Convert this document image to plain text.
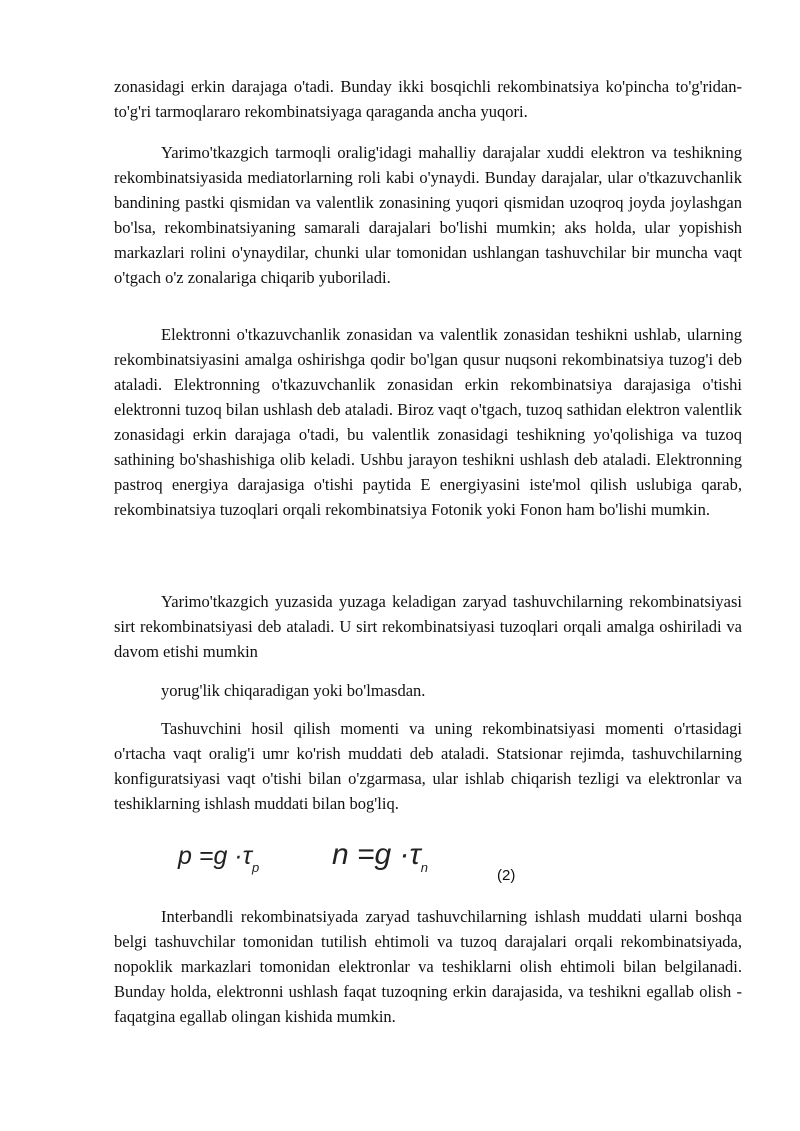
zonasidagi erkin darajaga o'tadi. Bunday ikki bosqichli rekombinatsiya ko'pincha to'g'ridan-to'g'ri tarmoqlararo rekombinatsiyaga qaraganda ancha yuqori.

Yarimo'tkazgich tarmoqli oralig'idagi mahalliy darajalar xuddi elektron va teshikning rekombinatsiyasida mediatorlarning roli kabi o'ynaydi. Bunday darajalar, ular o'tkazuvchanlik bandining pastki qismidan va valentlik zonasining yuqori qismidan uzoqroq joyda joylashgan bo'lsa, rekombinatsiyaning samarali darajalari bo'lishi mumkin; aks holda, ular yopishish markazlari rolini o'ynaydilar, chunki ular tomonidan ushlangan tashuvchilar bir muncha vaqt o'tgach o'z zonalariga chiqarib yuboriladi.

Elektronni o'tkazuvchanlik zonasidan va valentlik zonasidan teshikni ushlab, ularning rekombinatsiyasini amalga oshirishga qodir bo'lgan qusur nuqsoni rekombinatsiya tuzog'i deb ataladi. Elektronning o'tkazuvchanlik zonasidan erkin rekombinatsiya darajasiga o'tishi elektronni tuzoq bilan ushlash deb ataladi. Biroz vaqt o'tgach, tuzoq sathidan elektron valentlik zonasidagi erkin darajaga o'tadi, bu valentlik zonasidagi teshikning yo'qolishiga va tuzoq sathining bo'shashishiga olib keladi. Ushbu jarayon teshikni ushlash deb ataladi. Elektronning pastroq energiya darajasiga o'tishi paytida E energiyasini iste'mol qilish uslubiga qarab, rekombinatsiya tuzoqlari orqali rekombinatsiya Fotonik yoki Fonon ham bo'lishi mumkin.

Yarimo'tkazgich yuzasida yuzaga keladigan zaryad tashuvchilarning rekombinatsiyasi sirt rekombinatsiyasi deb ataladi. U sirt rekombinatsiyasi tuzoqlari orqali amalga oshiriladi va davom etishi mumkin

yorug'lik chiqaradigan yoki bo'lmasdan.

Tashuvchini hosil qilish momenti va uning rekombinatsiyasi momenti o'rtasidagi o'rtacha vaqt oralig'i umr ko'rish muddati deb ataladi. Statsionar rejimda, tashuvchilarning konfiguratsiyasi vaqt o'tishi bilan o'zgarmasa, ular ishlab chiqarish tezligi va elektronlar va teshiklarning ishlash muddati bilan bog'liq.

$p =g \cdot\tau_p$ $n =g \cdot\tau_n$	(2)

Interbandli rekombinatsiyada zaryad tashuvchilarning ishlash muddati ularni boshqa belgi tashuvchilar tomonidan tutilish ehtimoli va tuzoq darajalari orqali rekombinatsiyada, nopoklik markazlari tomonidan elektronlar va teshiklarni olish ehtimoli bilan belgilanadi. Bunday holda, elektronni ushlash faqat tuzoqning erkin darajasida, va teshikni egallab olish - faqatgina egallab olingan kishida mumkin.
